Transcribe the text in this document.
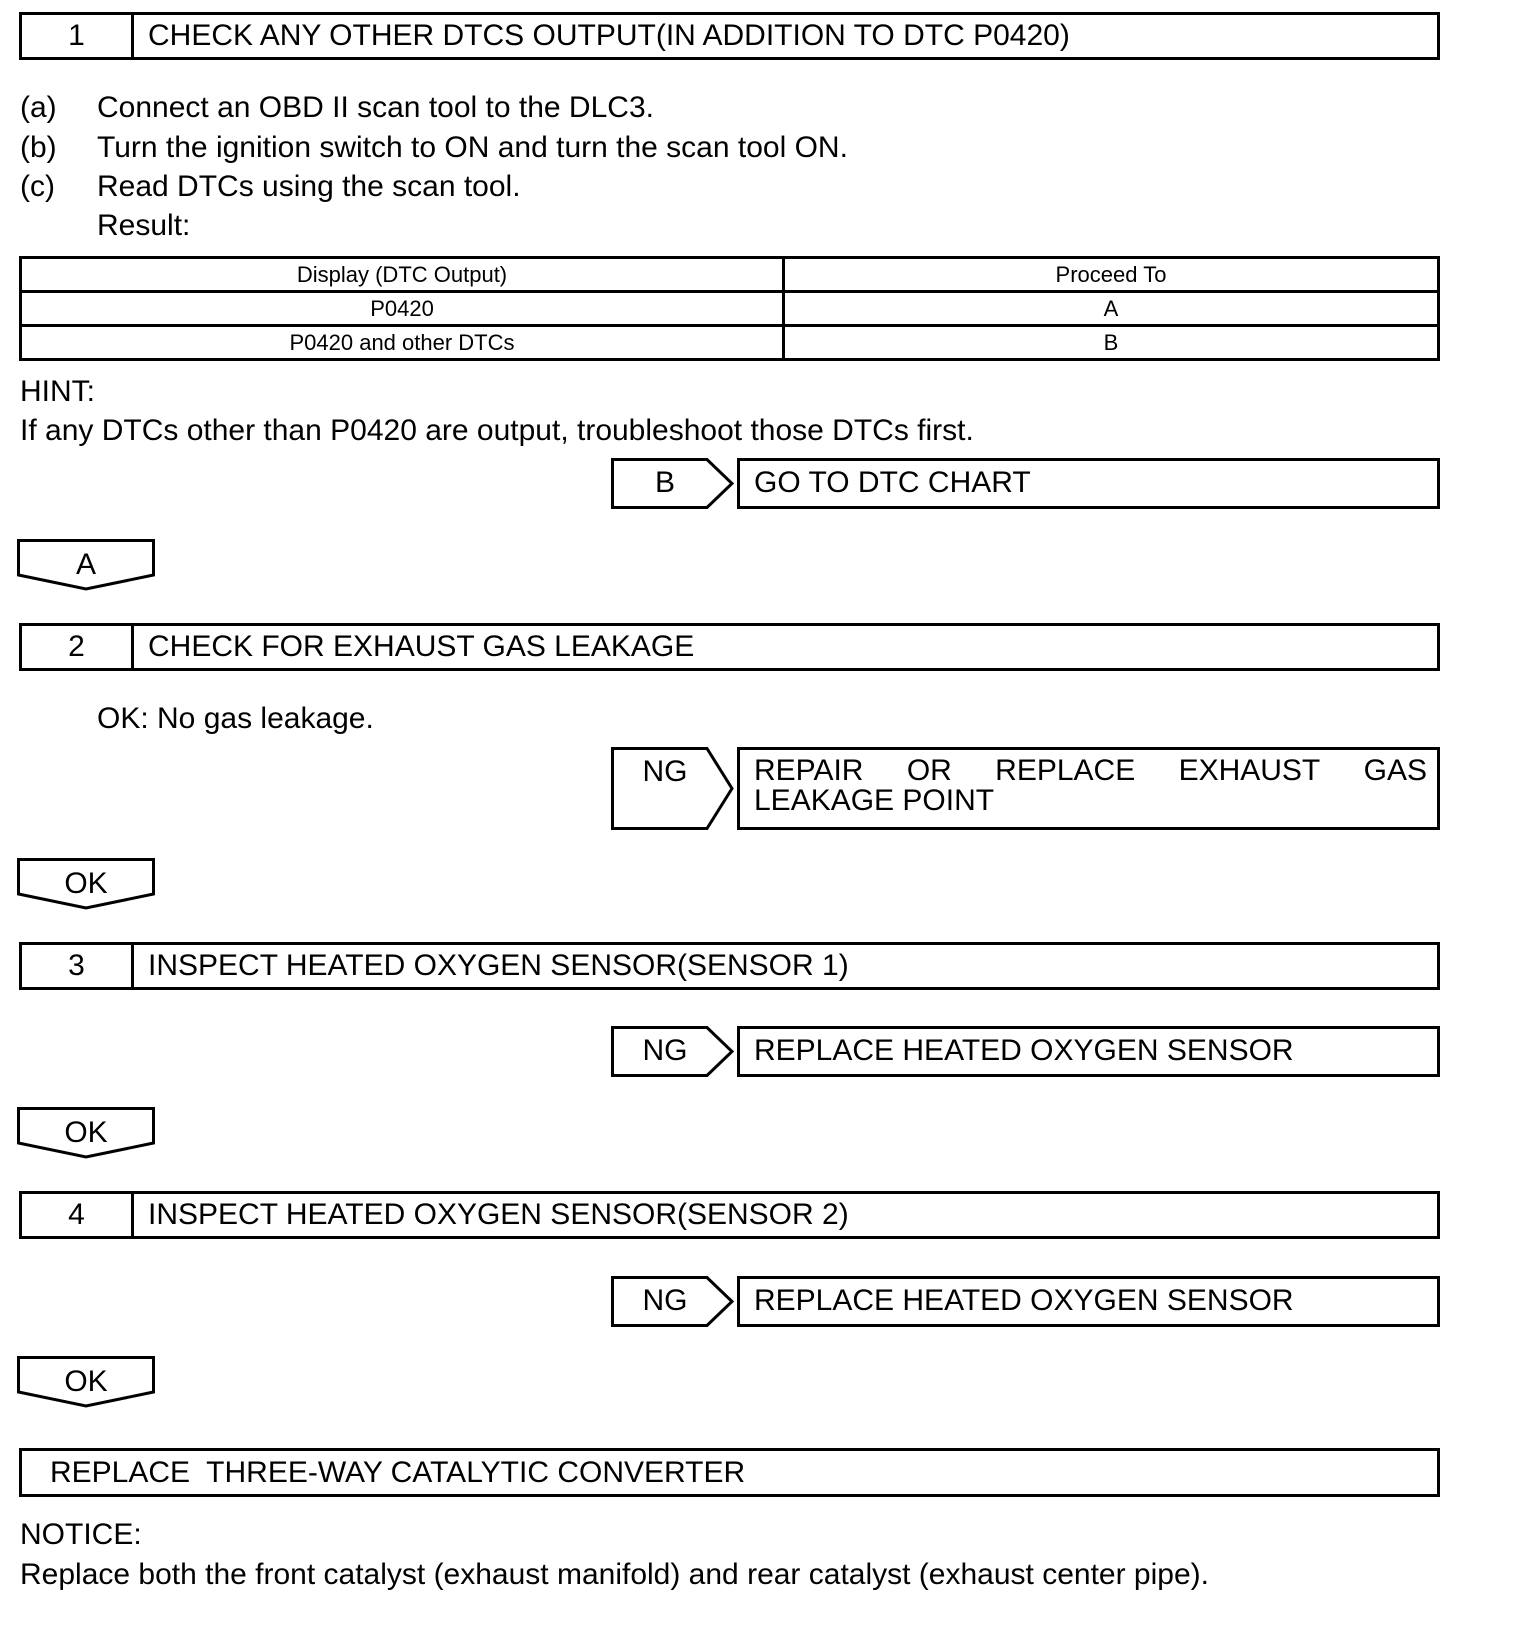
1	CHECK ANY OTHER DTCS OUTPUT(IN ADDITION TO DTC P0420)
(a) Connect an OBD II scan tool to the DLC3.
(b) Turn the ignition switch to ON and turn the scan tool ON.
(c) Read DTCs using the scan tool.
Result:
Display (DTC Output)	Proceed To
P0420	A
P0420 and other DTCs	B
HINT:
If any DTCs other than P0420 are output, troubleshoot those DTCs first.
B	GO TO DTC CHART
A
2	CHECK FOR EXHAUST GAS LEAKAGE
OK: No gas leakage.
NG	REPAIR OR REPLACE EXHAUST GAS
LEAKAGE POINT
OK
3	INSPECT HEATED OXYGEN SENSOR(SENSOR 1)
NG	REPLACE HEATED OXYGEN SENSOR
OK
4	INSPECT HEATED OXYGEN SENSOR(SENSOR 2)
NG	REPLACE HEATED OXYGEN SENSOR
OK
REPLACE  THREE-WAY CATALYTIC CONVERTER
NOTICE:
Replace both the front catalyst (exhaust manifold) and rear catalyst (exhaust center pipe).
